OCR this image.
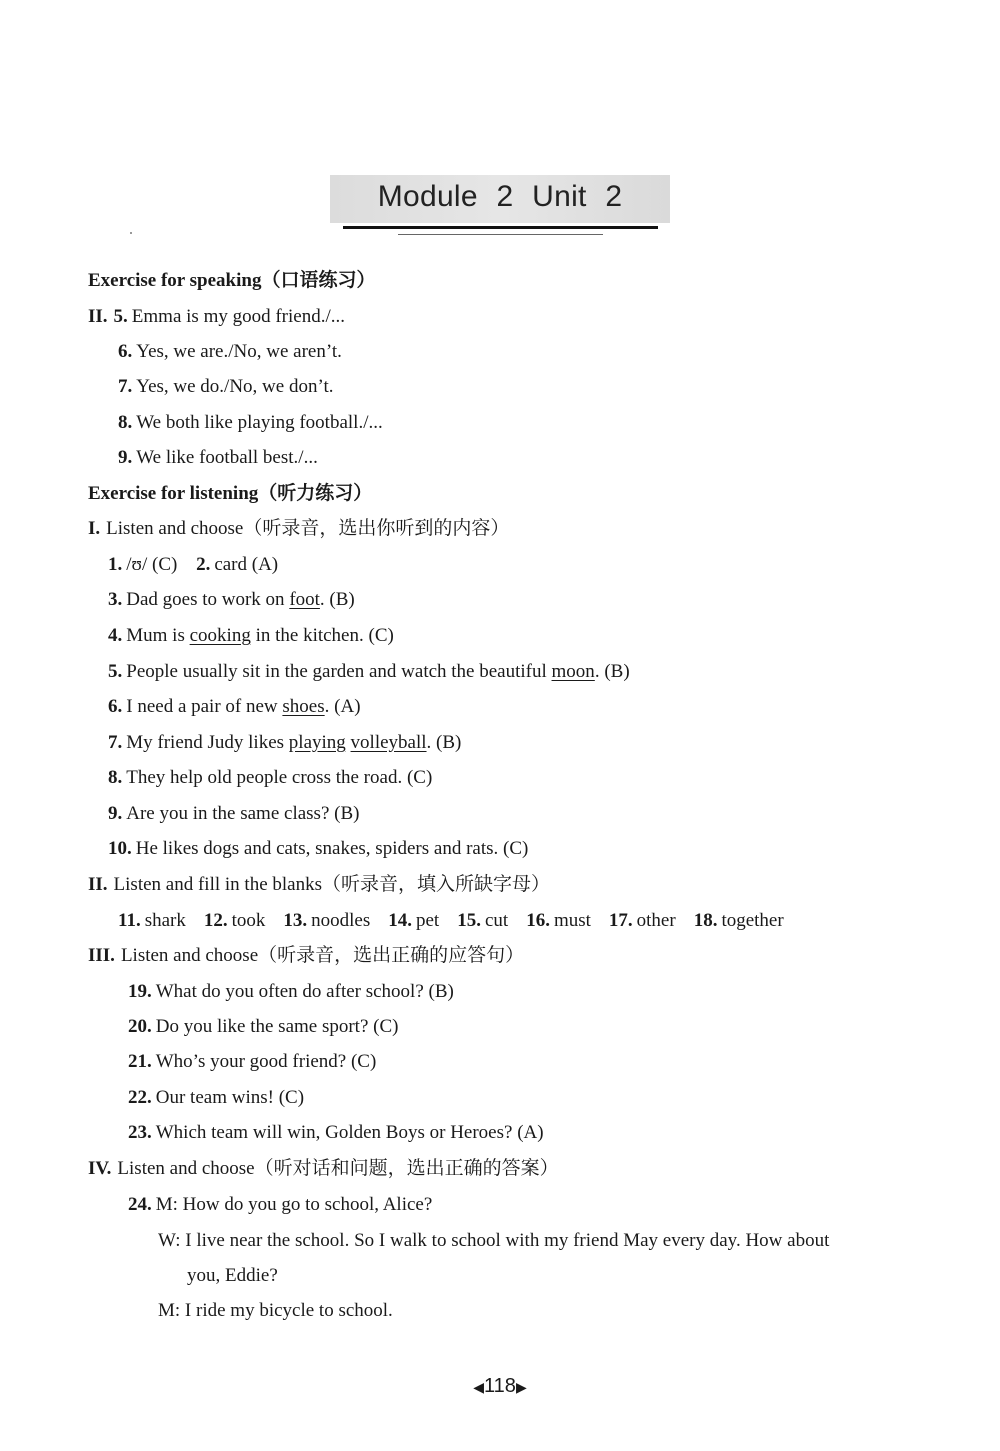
Module 2 Unit 2
Exercise for speaking（口语练习）
II. 5. Emma is my good friend./...
6. Yes, we are./No, we aren’t.
7. Yes, we do./No, we don’t.
8. We both like playing football./...
9. We like football best./...
Exercise for listening（听力练习）
I. Listen and choose（听录音，选出你听到的内容）
1. /ʊ/ (C) 2. card (A)
3. Dad goes to work on foot. (B)
4. Mum is cooking in the kitchen. (C)
5. People usually sit in the garden and watch the beautiful moon. (B)
6. I need a pair of new shoes. (A)
7. My friend Judy likes playing volleyball. (B)
8. They help old people cross the road. (C)
9. Are you in the same class? (B)
10. He likes dogs and cats, snakes, spiders and rats. (C)
II. Listen and fill in the blanks（听录音，填入所缺字母）
11. shark 12. took 13. noodles 14. pet 15. cut 16. must 17. other 18. together
III. Listen and choose（听录音，选出正确的应答句）
19. What do you often do after school? (B)
20. Do you like the same sport? (C)
21. Who’s your good friend? (C)
22. Our team wins! (C)
23. Which team will win, Golden Boys or Heroes? (A)
IV. Listen and choose（听对话和问题，选出正确的答案）
24. M: How do you go to school, Alice?
W: I live near the school. So I walk to school with my friend May every day. How about
you, Eddie?
M: I ride my bicycle to school.
◀118▶
